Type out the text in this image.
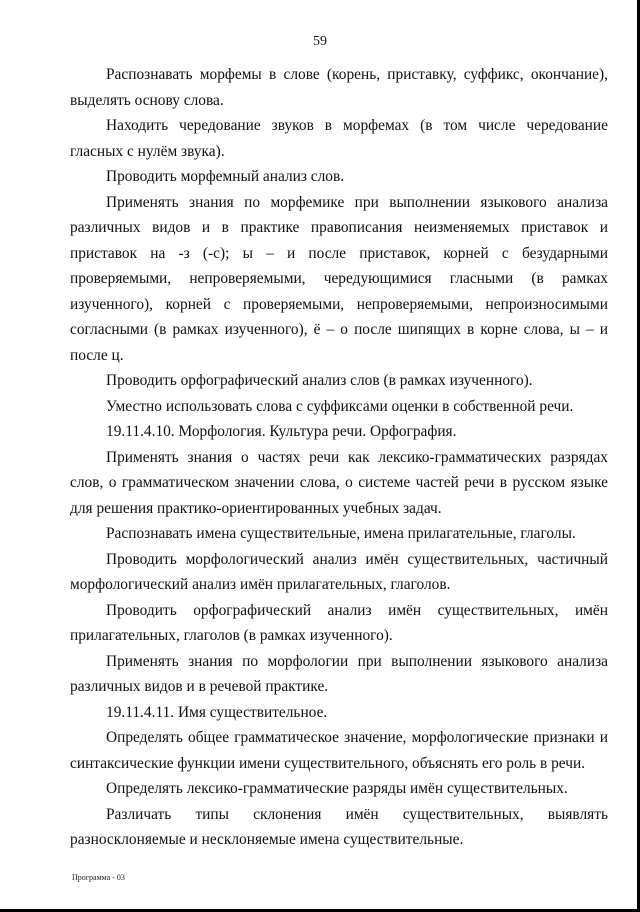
59

Распознавать морфемы в слове (корень, приставку, суффикс, окончание), выделять основу слова.

Находить чередование звуков в морфемах (в том числе чередование гласных с нулём звука).

Проводить морфемный анализ слов.

Применять знания по морфемике при выполнении языкового анализа различных видов и в практике правописания неизменяемых приставок и приставок на -з (-с); ы – и после приставок, корней с безударными проверяемыми, непроверяемыми, чередующимися гласными (в рамках изученного), корней с проверяемыми, непроверяемыми, непроизносимыми согласными (в рамках изученного), ё – о после шипящих в корне слова, ы – и после ц.

Проводить орфографический анализ слов (в рамках изученного).

Уместно использовать слова с суффиксами оценки в собственной речи.

19.11.4.10. Морфология. Культура речи. Орфография.

Применять знания о частях речи как лексико-грамматических разрядах слов, о грамматическом значении слова, о системе частей речи в русском языке для решения практико-ориентированных учебных задач.

Распознавать имена существительные, имена прилагательные, глаголы.

Проводить морфологический анализ имён существительных, частичный морфологический анализ имён прилагательных, глаголов.

Проводить орфографический анализ имён существительных, имён прилагательных, глаголов (в рамках изученного).

Применять знания по морфологии при выполнении языкового анализа различных видов и в речевой практике.

19.11.4.11. Имя существительное.

Определять общее грамматическое значение, морфологические признаки и синтаксические функции имени существительного, объяснять его роль в речи.

Определять лексико-грамматические разряды имён существительных.

Различать типы склонения имён существительных, выявлять разносклоняемые и несклоняемые имена существительные.

Программа - 03
